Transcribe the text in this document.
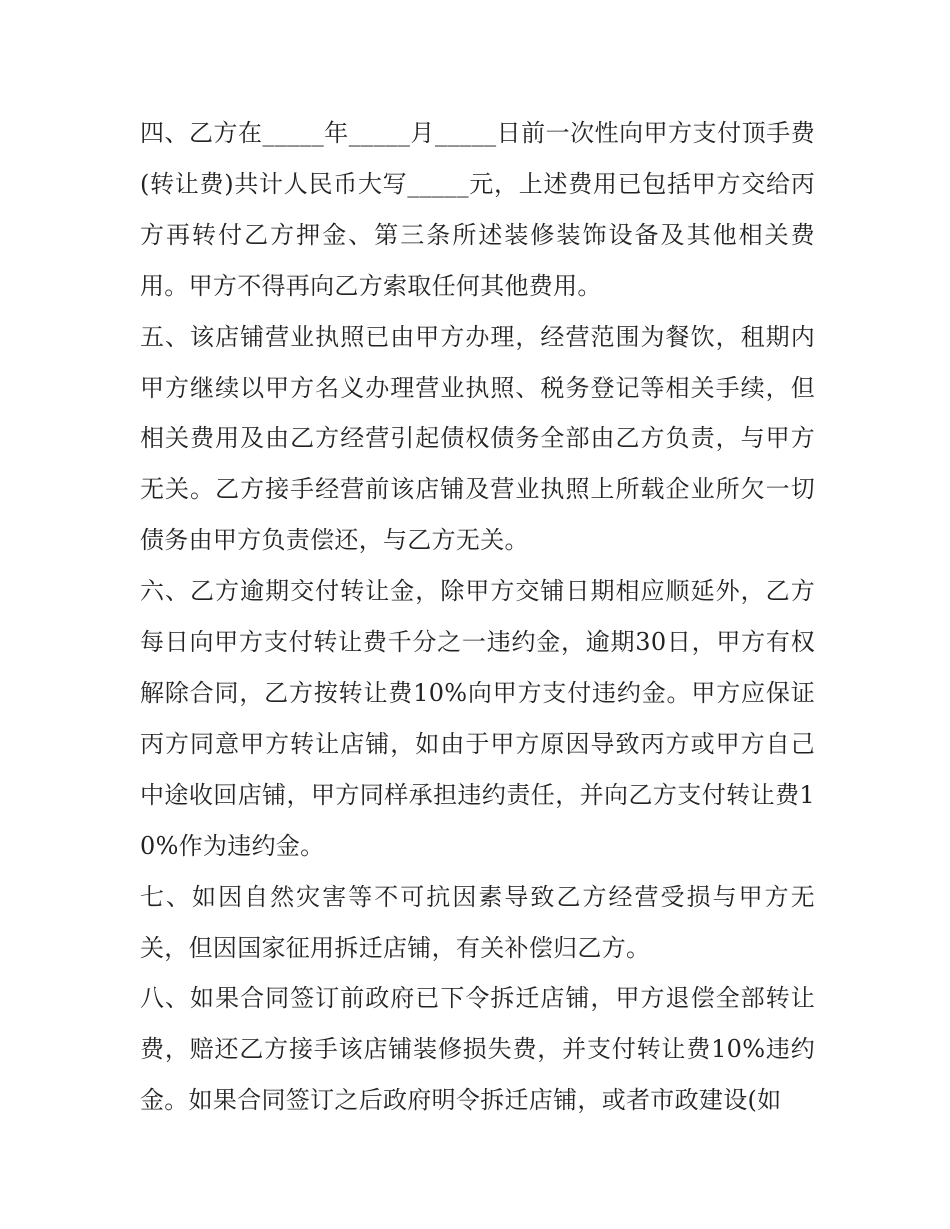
四、乙方在_____年_____月_____日前一次性向甲方支付顶手费(转让费)共计人民币大写_____元，上述费用已包括甲方交给丙方再转付乙方押金、第三条所述装修装饰设备及其他相关费用。甲方不得再向乙方索取任何其他费用。

五、该店铺营业执照已由甲方办理，经营范围为餐饮，租期内甲方继续以甲方名义办理营业执照、税务登记等相关手续，但相关费用及由乙方经营引起债权债务全部由乙方负责，与甲方无关。乙方接手经营前该店铺及营业执照上所载企业所欠一切债务由甲方负责偿还，与乙方无关。

六、乙方逾期交付转让金，除甲方交铺日期相应顺延外，乙方每日向甲方支付转让费千分之一违约金，逾期30日，甲方有权解除合同，乙方按转让费10%向甲方支付违约金。甲方应保证丙方同意甲方转让店铺，如由于甲方原因导致丙方或甲方自己中途收回店铺，甲方同样承担违约责任，并向乙方支付转让费10%作为违约金。

七、如因自然灾害等不可抗因素导致乙方经营受损与甲方无关，但因国家征用拆迁店铺，有关补偿归乙方。

八、如果合同签订前政府已下令拆迁店铺，甲方退偿全部转让费，赔还乙方接手该店铺装修损失费，并支付转让费10%违约金。如果合同签订之后政府明令拆迁店铺，或者市政建设(如
